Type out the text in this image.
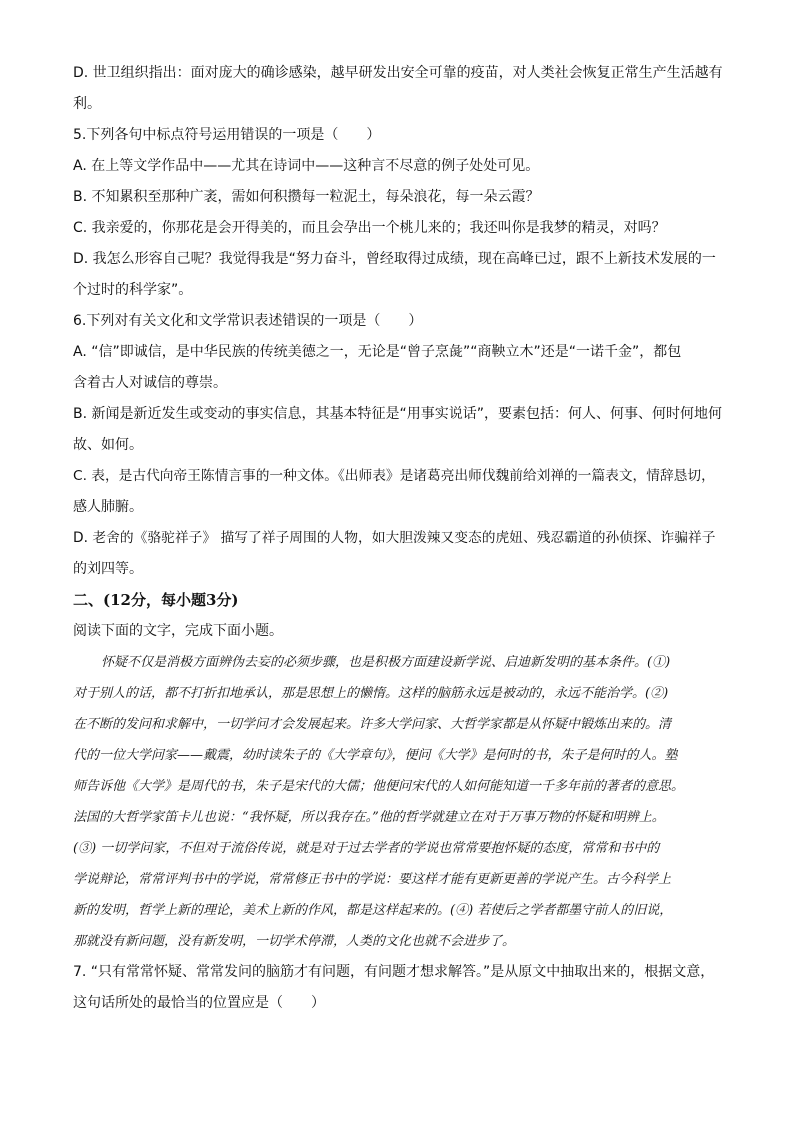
D. 世卫组织指出：面对庞大的确诊感染，越早研发出安全可靠的疫苗，对人类社会恢复正常生产生活越有
利。
5.下列各句中标点符号运用错误的一项是（　　）
A. 在上等文学作品中——尤其在诗词中——这种言不尽意的例子处处可见。
B. 不知累积至那种广袤，需如何积攒每一粒泥土，每朵浪花，每一朵云霞？
C. 我亲爱的，你那花是会开得美的，而且会孕出一个桃儿来的；我还叫你是我梦的精灵，对吗？
D. 我怎么形容自己呢？我觉得我是“努力奋斗，曾经取得过成绩，现在高峰已过，跟不上新技术发展的一
个过时的科学家”。
6.下列对有关文化和文学常识表述错误的一项是（　　）
A. “信”即诚信，是中华民族的传统美德之一，无论是“曾子烹彘”“商鞅立木”还是“一诺千金”，都包
含着古人对诚信的尊崇。
B. 新闻是新近发生或变动的事实信息，其基本特征是“用事实说话”，要素包括：何人、何事、何时何地何
故、如何。
C. 表，是古代向帝王陈情言事的一种文体。《出师表》是诸葛亮出师伐魏前给刘禅的一篇表文，情辞恳切，
感人肺腑。
D. 老舍的《骆驼祥子》 描写了祥子周围的人物，如大胆泼辣又变态的虎妞、残忍霸道的孙侦探、诈骗祥子
的刘四等。
二、(12分，每小题3分)
阅读下面的文字，完成下面小题。
怀疑不仅是消极方面辨伪去妄的必须步骤，也是积极方面建设新学说、启迪新发明的基本条件。(①)
对于别人的话，都不打折扣地承认，那是思想上的懒惰。这样的脑筋永远是被动的，永远不能治学。(②)
在不断的发问和求解中，一切学问才会发展起来。许多大学问家、大哲学家都是从怀疑中锻炼出来的。清
代的一位大学问家——戴震，幼时读朱子的《大学章句》，便问《大学》是何时的书，朱子是何时的人。塾
师告诉他《大学》是周代的书，朱子是宋代的大儒；他便问宋代的人如何能知道一千多年前的著者的意思。
法国的大哲学家笛卡儿也说：“我怀疑，所以我存在。”他的哲学就建立在对于万事万物的怀疑和明辨上。
(③) 一切学问家，不但对于流俗传说，就是对于过去学者的学说也常常要抱怀疑的态度，常常和书中的
学说辩论，常常评判书中的学说，常常修正书中的学说：要这样才能有更新更善的学说产生。古今科学上
新的发明，哲学上新的理论，美术上新的作风，都是这样起来的。(④) 若使后之学者都墨守前人的旧说，
那就没有新问题，没有新发明，一切学术停滞，人类的文化也就不会进步了。
7. “只有常常怀疑、常常发问的脑筋才有问题，有问题才想求解答。”是从原文中抽取出来的，根据文意，
这句话所处的最恰当的位置应是（　　）
